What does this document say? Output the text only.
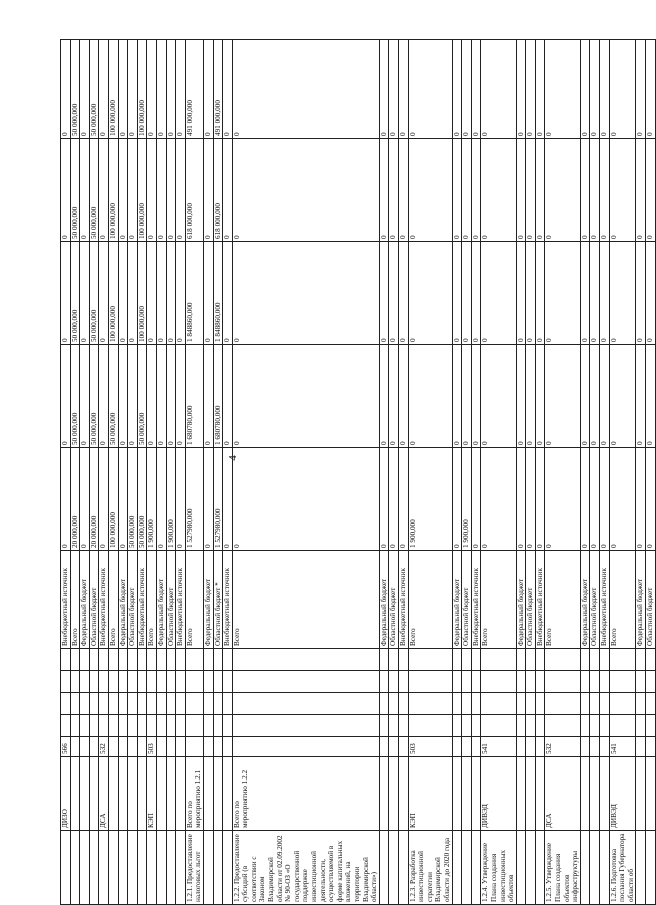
4
	ДИЗО	566					Внебюджетный источник	0	0	0	0	0
							Всего	20 000,000	50 000,000	50 000,000	50 000,000	50 000,000
							Федеральный бюджет	0	0	0	0	0
							Областной бюджет	20 000,000	50 000,000	50 000,000	50 000,000	50 000,000
	ДСА	532					Внебюджетный источник	0	0	0	0	0
							Всего	100 000,000	50 000,000	100 000,000	100 000,000	100 000,000
							Федеральный бюджет	0	0	0	0	0
							Областной бюджет	50 000,000	0	0	0	0
							Внебюджетный источник	50 000,000	50 000,000	100 000,000	100 000,000	100 000,000
	КЭП	503					Всего	1 900,000	0	0	0	0
							Федеральный бюджет	0	0	0	0	0
							Областной бюджет	1 900,000	0	0	0	0
							Внебюджетный источник	0	0	0	0	0
1.2.1. Предоставление налоговых льгот	Всего по мероприятию 1.2.1						Всего	1 527980,000	1 680780,000	1 848860,000	618 000,000	491 000,000
							Федеральный бюджет	0	0	0	0	0
							Областной бюджет *	1 527980,000	1 680780,000	1 848860,000	618 000,000	491 000,000
							Внебюджетный источник	0	0	0	0	0
1.2.2. Предоставление субсидий (в соответствии с Законом Владимирской области от 02.09.2002 № 90-ОЗ «О государственной поддержке инвестиционной деятельности, осуществляемой в форме капитальных вложений, на территории Владимирской области»)	Всего по мероприятию 1.2.2						Всего	0	0	0	0	0
							Федеральный бюджет	0	0	0	0	0
							Областной бюджет	0	0	0	0	0
							Внебюджетный источник	0	0	0	0	0
1.2.3. Разработка инвестиционной стратегии Владимирской области до 2020 года	КЭП	503					Всего	1 900,000	0	0	0	0
							Федеральный бюджет	0	0	0	0	0
							Областной бюджет	1 900,000	0	0	0	0
							Внебюджетный источник	0	0	0	0	0
1.2.4. Утверждение Плана создания инвестиционных объектов	ДИВЭД	541					Всего	0	0	0	0	0
							Федеральный бюджет	0	0	0	0	0
							Областной бюджет	0	0	0	0	0
							Внебюджетный источник	0	0	0	0	0
1.2.5. Утверждение Плана создания объектов инфраструктуры	ДСА	532					Всего	0	0	0	0	0
							Федеральный бюджет	0	0	0	0	0
							Областной бюджет	0	0	0	0	0
							Внебюджетный источник	0	0	0	0	0
1.2.6. Подготовка послания Губернатора области об	ДИВЭД	541					Всего	0	0	0	0	0
							Федеральный бюджет	0	0	0	0	0
							Областной бюджет	0	0	0	0	0
